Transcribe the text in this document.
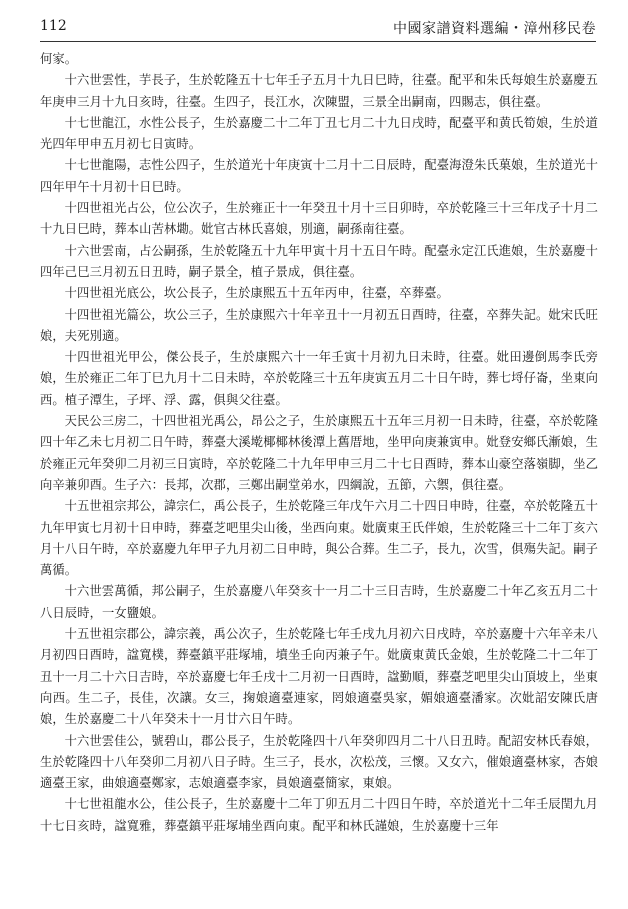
112	中國家譜資料選編・漳州移民卷

何家。

十六世雲性，芋長子，生於乾隆五十七年壬子五月十九日巳時，往臺。配平和朱氏每娘生於嘉慶五年庚申三月十九日亥時，往臺。生四子，長江水，次陳盟，三景全出嗣南，四賜志，俱往臺。

十七世龍江，水性公長子，生於嘉慶二十二年丁丑七月二十九日戌時，配臺平和黄氏筍娘，生於道光四年甲申五月初七日寅時。

十七世龍陽，志性公四子，生於道光十年庚寅十二月十二日辰時，配臺海澄朱氏菓娘，生於道光十四年甲午十月初十日巳時。

十四世祖光占公，位公次子，生於雍正十一年癸丑十月十三日卯時，卒於乾隆三十三年戊子十月二十九日巳時，葬本山苦林墈。妣官古林氏喜娘，別適，嗣孫南往臺。

十六世雲南，占公嗣孫，生於乾隆五十九年甲寅十月十五日午時。配臺永定江氏進娘，生於嘉慶十四年己巳三月初五日丑時，嗣子景全，植子景成，俱往臺。

十四世祖光底公，坎公長子，生於康熙五十五年丙申，往臺，卒葬臺。

十四世祖光篇公，坎公三子，生於康熙六十年辛丑十一月初五日酉時，往臺，卒葬失記。妣宋氏旺娘，夫死別適。

十四世祖光甲公，傑公長子，生於康熙六十一年壬寅十月初九日未時，往臺。妣田邊倒馬李氏旁娘，生於雍正二年丁巳九月十二日未時，卒於乾隆三十五年庚寅五月二十日午時，葬七埒仔崙，坐東向西。植子潭生，子坪、浮、露，俱與父往臺。

天民公三房二，十四世祖光禹公，昂公之子，生於康熙五十五年三月初一日未時，往臺，卒於乾隆四十年乙未七月初二日午時，葬臺大溪墘椰椰林後潭上舊厝地，坐甲向庚兼寅申。妣登安鄉氏漸娘，生於雍正元年癸卯二月初三日寅時，卒於乾隆二十九年甲申三月二十七日酉時，葬本山豪空落嶺脚，坐乙向辛兼卯酉。生子六：長邦，次郡，三鄭出嗣堂弟水，四綱說，五節，六禦，俱往臺。

十五世祖宗邦公，諱宗仁，禹公長子，生於乾隆三年戊午六月二十四日申時，往臺，卒於乾隆五十九年甲寅七月初十日申時，葬臺芝吧里尖山後，坐西向東。妣廣東王氏伴娘，生於乾隆三十二年丁亥六月十八日午時，卒於嘉慶九年甲子九月初二日申時，與公合葬。生二子，長九，次雪，俱殤失記。嗣子萬循。

十六世雲萬循，邦公嗣子，生於嘉慶八年癸亥十一月二十三日吉時，生於嘉慶二十年乙亥五月二十八日辰時，一女鹽娘。

十五世祖宗郡公，諱宗義，禹公次子，生於乾隆七年壬戌九月初六日戌時，卒於嘉慶十六年辛未八月初四日酉時，諡寬樸，葬臺鎮平莊塚埔，墳坐壬向丙兼子午。妣廣東黄氏金娘，生於乾隆二十二年丁丑十一月二十六日吉時，卒於嘉慶七年壬戌十二月初一日酉時，諡勤順，葬臺芝吧里尖山頂坡上，坐東向西。生二子，長佳，次讓。女三，掬娘適臺連家，罔娘適臺吳家，媚娘適臺潘家。次妣詔安陳氏唐娘，生於嘉慶二十八年癸未十一月廿六日午時。

十六世雲佳公，號碧山，郡公長子，生於乾隆四十八年癸卯四月二十八日丑時。配詔安林氏春娘，生於乾隆四十八年癸卯二月初八日子時。生三子，長水，次松茂，三懷。又女六，催娘適臺林家，杏娘適臺王家，曲娘適臺鄭家，志娘適臺李家，員娘適臺簡家，東娘。

十七世祖龍水公，佳公長子，生於嘉慶十二年丁卯五月二十四日午時，卒於道光十二年壬辰閏九月十七日亥時，諡寬雅，葬臺鎮平莊塚埔坐酉向東。配平和林氏謹娘，生於嘉慶十三年
